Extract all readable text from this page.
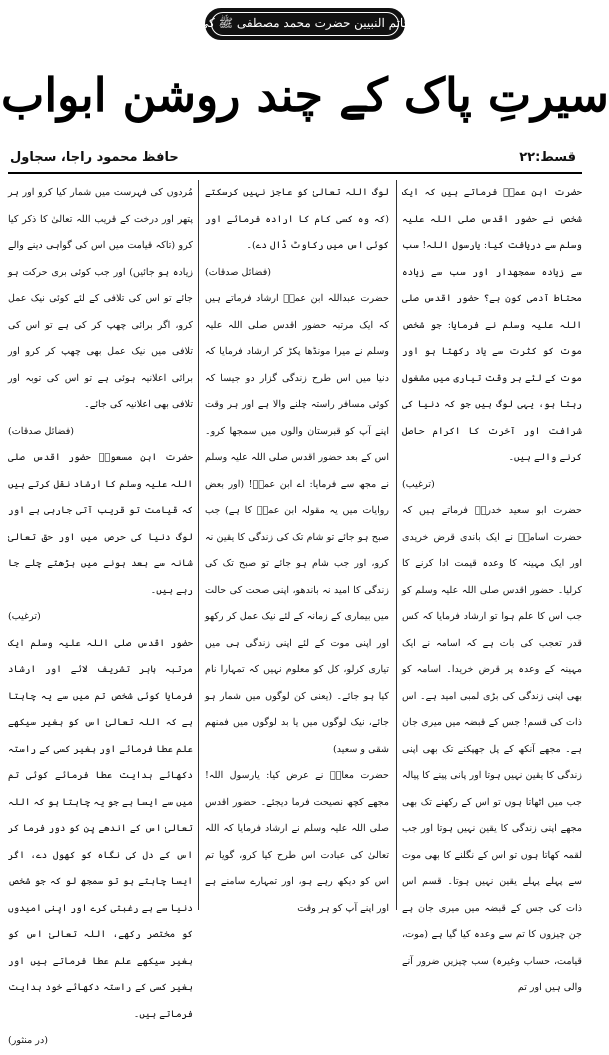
خاتم النبیین حضرت محمد مصطفی ﷺ کی
سیرتِ پاک کے چند روشن ابواب
قسط:۲۲
حافظ محمود راجا، سجاول

حضرت ابن عمرؓ فرماتے ہیں کہ ایک شخص نے حضور اقدس صلی اللہ علیہ وسلم سے دریافت کیا: یارسول اللہ! سب سے زیادہ سمجھدار اور سب سے زیادہ محتاط آدمی کون ہے؟ حضور اقدس صلی اللہ علیہ وسلم نے فرمایا: جو شخص موت کو کثرت سے یاد رکھتا ہو اور موت کے لئے ہر وقت تیاری میں مشغول رہتا ہو، یہی لوگ ہیں جو کہ دنیا کی شرافت اور آخرت کا اکرام حاصل کرنے والے ہیں۔

(ترغیب)

حضرت ابو سعید خدریؓ فرماتے ہیں کہ حضرت اسامہؓ نے ایک باندی قرض خریدی اور ایک مہینہ کا وعدہ قیمت ادا کرنے کا کرلیا۔ حضور اقدس صلی اللہ علیہ وسلم کو جب اس کا علم ہوا تو ارشاد فرمایا کہ کس قدر تعجب کی بات ہے کہ اسامہ نے ایک مہینہ کے وعدہ پر قرض خریدا۔ اسامہ کو بھی اپنی زندگی کی بڑی لمبی امید ہے۔ اس ذات کی قسم! جس کے قبضہ میں میری جان ہے۔ مجھے آنکھ کے پل جھپکنے تک بھی اپنی زندگی کا یقین نہیں ہوتا اور پانی پینے کا پیالہ جب میں اٹھاتا ہوں تو اس کے رکھنے تک بھی مجھے اپنی زندگی کا یقین نہیں ہوتا اور جب لقمہ کھاتا ہوں تو اس کے نگلنے کا بھی موت سے پہلے پہلے یقین نہیں ہوتا۔ قسم اس ذات کی جس کے قبضہ میں میری جان ہے جن چیزوں کا تم سے وعدہ کیا گیا ہے (موت، قیامت، حساب وغیرہ) سب چیزیں ضرور آنے والی ہیں اور تم

لوگ اللہ تعالیٰ کو عاجز نہیں کرسکتے (کہ وہ کسی کام کا ارادہ فرمائے اور کوئی اس میں رکاوٹ ڈال دے)۔

(فضائل صدقات)

حضرت عبداللہ ابن عمرؓ ارشاد فرماتے ہیں کہ ایک مرتبہ حضور اقدس صلی اللہ علیہ وسلم نے میرا مونڈھا پکڑ کر ارشاد فرمایا کہ دنیا میں اس طرح زندگی گزار دو جیسا کہ کوئی مسافر راستہ چلنے والا ہے اور ہر وقت اپنے آپ کو قبرستان والوں میں سمجھا کرو۔ اس کے بعد حضور اقدس صلی اللہ علیہ وسلم نے مجھ سے فرمایا: اے ابن عمرؓ! (اور بعض روایات میں یہ مقولہ ابن عمرؓ کا ہے) جب صبح ہو جائے تو شام تک کی زندگی کا یقین نہ کرو، اور جب شام ہو جائے تو صبح تک کی زندگی کا امید نہ باندھو، اپنی صحت کی حالت میں بیماری کے زمانہ کے لئے نیک عمل کر رکھو اور اپنی موت کے لئے اپنی زندگی ہی میں تیاری کرلو، کل کو معلوم نہیں کہ تمہارا نام کیا ہو جائے۔ (یعنی کن لوگوں میں شمار ہو جائے، نیک لوگوں میں یا بد لوگوں میں فمنھم شقی و سعید)

حضرت معاذؓ نے عرض کیا: یارسول اللہ! مجھے کچھ نصیحت فرما دیجئے۔ حضور اقدس صلی اللہ علیہ وسلم نے ارشاد فرمایا کہ اللہ تعالیٰ کی عبادت اس طرح کیا کرو، گویا تم اس کو دیکھ رہے ہو، اور تمہارے سامنے ہے اور اپنے آپ کو ہر وقت

مُردوں کی فہرست میں شمار کیا کرو اور ہر پتھر اور درخت کے قریب اللہ تعالیٰ کا ذکر کیا کرو (تاکہ قیامت میں اس کی گواہی دینے والے زیادہ ہو جائیں) اور جب کوئی بری حرکت ہو جائے تو اس کی تلافی کے لئے کوئی نیک عمل کرو، اگر برائی چھپ کر کی ہے تو اس کی تلافی میں نیک عمل بھی چھپ کر کرو اور برائی اعلانیہ ہوئی ہے تو اس کی توبہ اور تلافی بھی اعلانیہ کی جائے۔

(فضائل صدقات)

حضرت ابن مسعودؓ حضور اقدس صلی اللہ علیہ وسلم کا ارشاد نقل کرتے ہیں کہ قیامت تو قریب آتی جارہی ہے اور لوگ دنیا کی حرص میں اور حق تعالیٰ شانہ سے بعد ہونے میں بڑھتے چلے جا رہے ہیں۔

(ترغیب)

حضور اقدس صلی اللہ علیہ وسلم ایک مرتبہ باہر تشریف لائے اور ارشاد فرمایا کوئی شخص تم میں سے یہ چاہتا ہے کہ اللہ تعالیٰ اس کو بغیر سیکھے علم عطا فرمائے اور بغیر کسی کے راستہ دکھائے ہدایت عطا فرمائے کوئی تم میں سے ایسا ہے جو یہ چاہتا ہو کہ اللہ تعالیٰ اس کے اندھے پن کو دور فرما کر اس کے دل کی نگاہ کو کھول دے، اگر ایسا چاہتے ہو تو سمجھ لو کہ جو شخص دنیا سے بے رغبتی کرے اور اپنی امیدوں کو مختصر رکھے، اللہ تعالیٰ اس کو بغیر سیکھے علم عطا فرماتے ہیں اور بغیر کسی کے راستہ دکھائے خود ہدایت فرماتے ہیں۔

(در منثور)
